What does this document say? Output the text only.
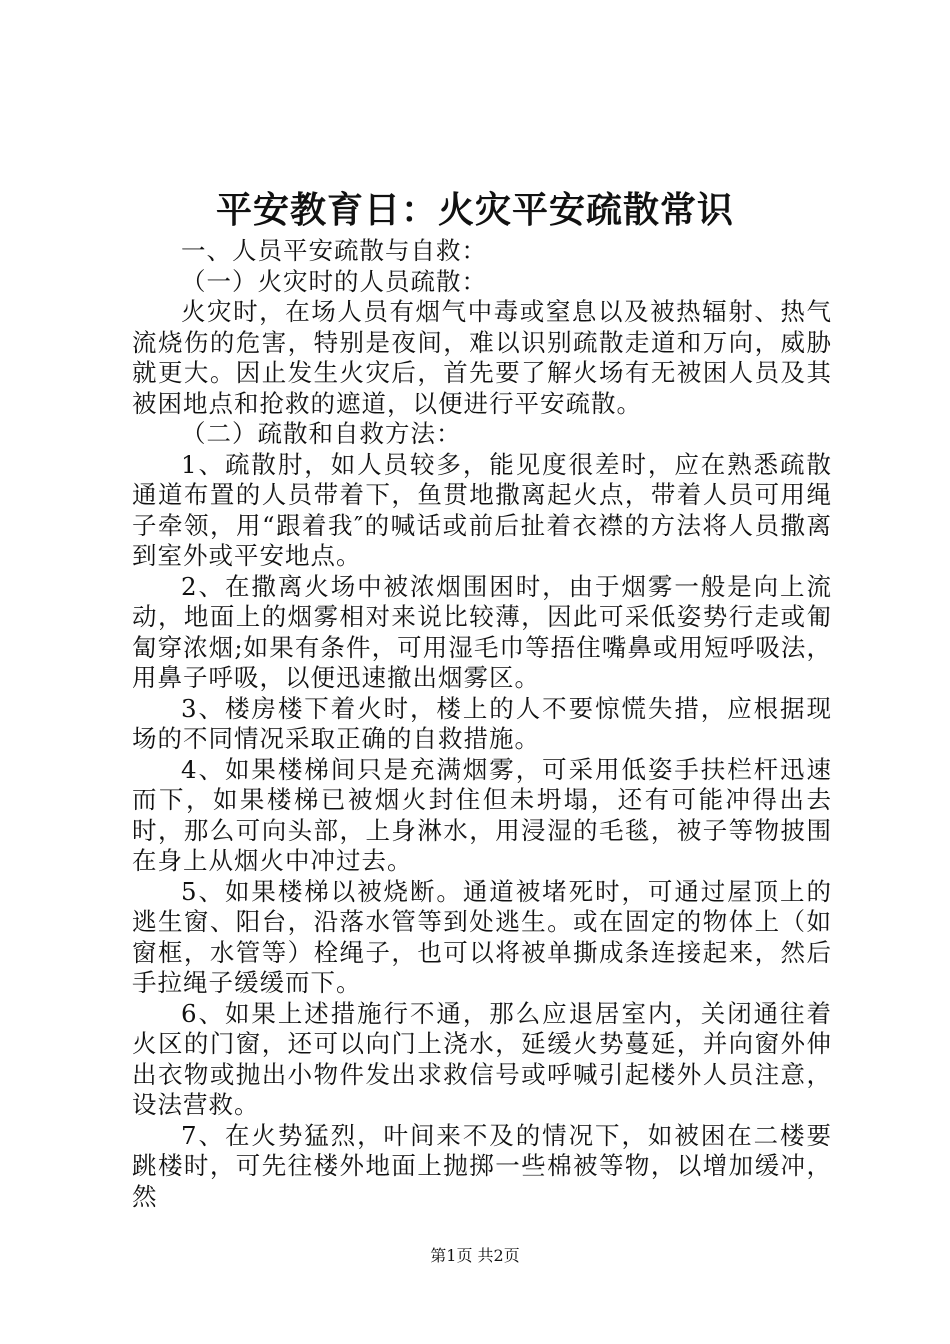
平安教育日：火灾平安疏散常识

一、人员平安疏散与自救：

（一）火灾时的人员疏散：

火灾时，在场人员有烟气中毒或窒息以及被热辐射、热气流烧伤的危害，特别是夜间，难以识别疏散走道和万向，威胁就更大。因止发生火灾后，首先要了解火场有无被困人员及其被困地点和抢救的遮道，以便进行平安疏散。

（二）疏散和自救方法：

1、疏散肘，如人员较多，能见度很差时，应在熟悉疏散通道布置的人员带着下，鱼贯地撒离起火点，带着人员可用绳子牵领，用“跟着我″的喊话或前后扯着衣襟的方法将人员撒离到室外或平安地点。

2、在撒离火场中被浓烟围困时，由于烟雾一般是向上流动，地面上的烟雾相对来说比较薄，因此可采低姿势行走或匍匐穿浓烟;如果有条件，可用湿毛巾等捂住嘴鼻或用短呼吸法，用鼻子呼吸，以便迅速撤出烟雾区。

3、楼房楼下着火时，楼上的人不要惊慌失措，应根据现场的不同情况采取正确的自救措施。

4、如果楼梯间只是充满烟雾，可采用低姿手扶栏杆迅速而下，如果楼梯已被烟火封住但未坍塌，还有可能冲得出去时，那么可向头部，上身淋水，用浸湿的毛毯，被子等物披围在身上从烟火中冲过去。

5、如果楼梯以被烧断。通道被堵死时，可通过屋顶上的逃生窗、阳台，沿落水管等到处逃生。或在固定的物体上（如窗框，水管等）栓绳子，也可以将被单撕成条连接起来，然后手拉绳子缓缓而下。

6、如果上述措施行不通，那么应退居室内，关闭通往着火区的门窗，还可以向门上浇水，延缓火势蔓延，并向窗外伸出衣物或抛出小物件发出求救信号或呼喊引起楼外人员注意，设法营救。

7、在火势猛烈，叶间来不及的情况下，如被困在二楼要跳楼时，可先往楼外地面上抛掷一些棉被等物，以增加缓冲，然

第1页 共2页
